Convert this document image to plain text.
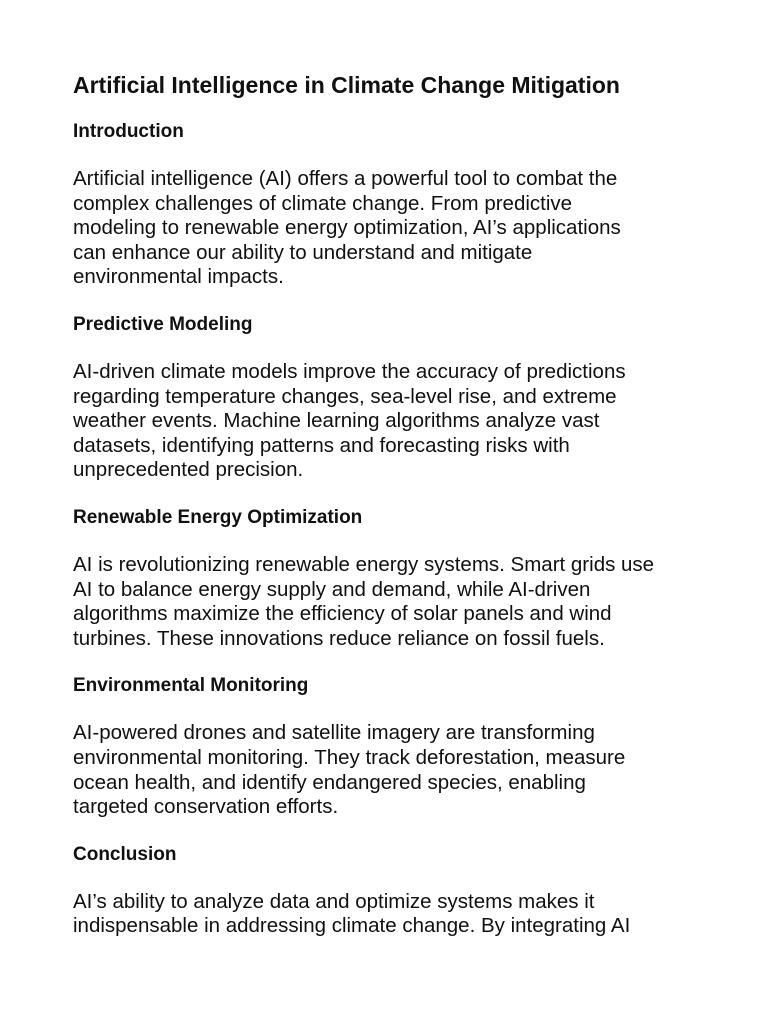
Artificial Intelligence in Climate Change Mitigation
Introduction

Artificial intelligence (AI) offers a powerful tool to combat the
complex challenges of climate change. From predictive
modeling to renewable energy optimization, AI’s applications
can enhance our ability to understand and mitigate
environmental impacts.

Predictive Modeling

AI-driven climate models improve the accuracy of predictions
regarding temperature changes, sea-level rise, and extreme
weather events. Machine learning algorithms analyze vast
datasets, identifying patterns and forecasting risks with
unprecedented precision.

Renewable Energy Optimization

AI is revolutionizing renewable energy systems. Smart grids use
AI to balance energy supply and demand, while AI-driven
algorithms maximize the efficiency of solar panels and wind
turbines. These innovations reduce reliance on fossil fuels.

Environmental Monitoring

AI-powered drones and satellite imagery are transforming
environmental monitoring. They track deforestation, measure
ocean health, and identify endangered species, enabling
targeted conservation efforts.

Conclusion

AI’s ability to analyze data and optimize systems makes it
indispensable in addressing climate change. By integrating AI
